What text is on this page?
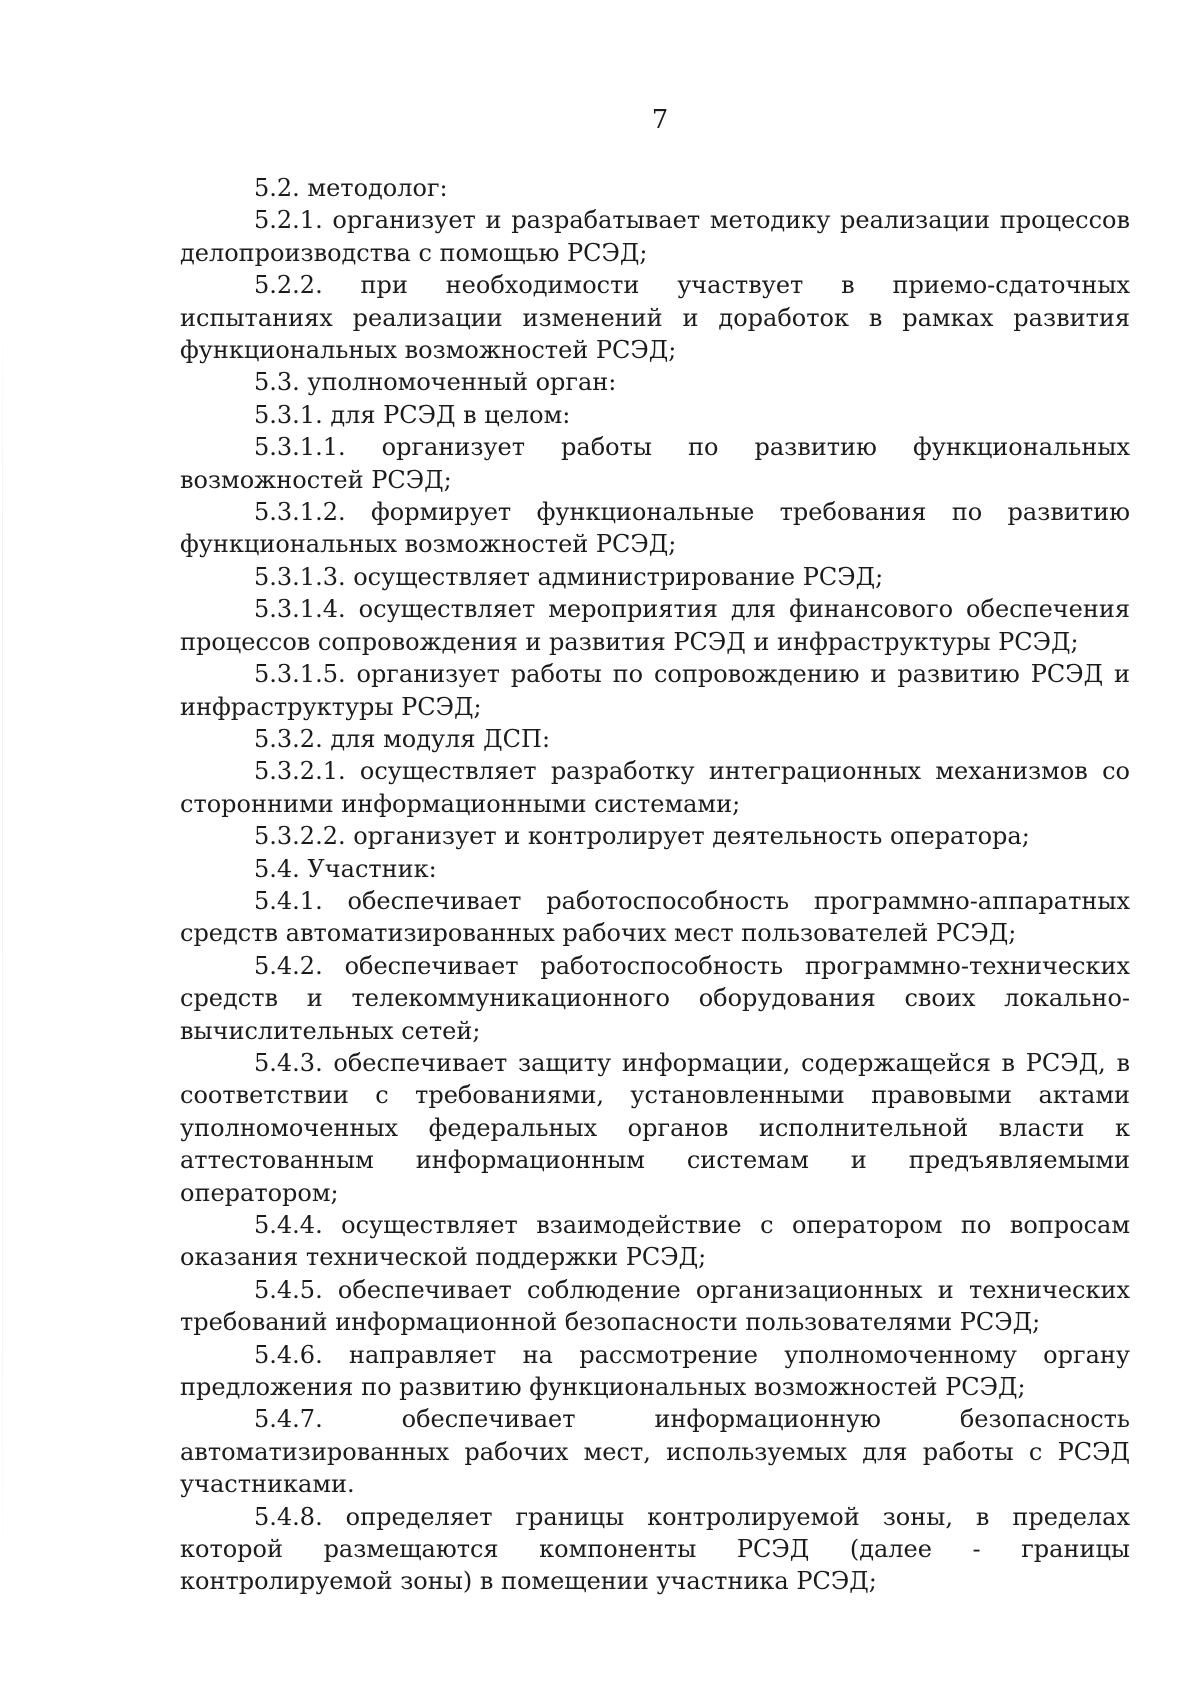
7

5.2. методолог:

5.2.1. организует и разрабатывает методику реализации процессов делопроизводства с помощью РСЭД;

5.2.2. при необходимости участвует в приемо-сдаточных испытаниях реализации изменений и доработок в рамках развития функциональных возможностей РСЭД;

5.3. уполномоченный орган:

5.3.1. для РСЭД в целом:

5.3.1.1. организует работы по развитию функциональных возможностей РСЭД;

5.3.1.2. формирует функциональные требования по развитию функциональных возможностей РСЭД;

5.3.1.3. осуществляет администрирование РСЭД;

5.3.1.4. осуществляет мероприятия для финансового обеспечения процессов сопровождения и развития РСЭД и инфраструктуры РСЭД;

5.3.1.5. организует работы по сопровождению и развитию РСЭД и инфраструктуры РСЭД;

5.3.2. для модуля ДСП:

5.3.2.1. осуществляет разработку интеграционных механизмов со сторонними информационными системами;

5.3.2.2. организует и контролирует деятельность оператора;

5.4. Участник:

5.4.1. обеспечивает работоспособность программно-аппаратных средств автоматизированных рабочих мест пользователей РСЭД;

5.4.2. обеспечивает работоспособность программно-технических средств и телекоммуникационного оборудования своих локально-вычислительных сетей;

5.4.3. обеспечивает защиту информации, содержащейся в РСЭД, в соответствии с требованиями, установленными правовыми актами уполномоченных федеральных органов исполнительной власти к аттестованным информационным системам и предъявляемыми оператором;

5.4.4. осуществляет взаимодействие с оператором по вопросам оказания технической поддержки РСЭД;

5.4.5. обеспечивает соблюдение организационных и технических требований информационной безопасности пользователями РСЭД;

5.4.6. направляет на рассмотрение уполномоченному органу предложения по развитию функциональных возможностей РСЭД;

5.4.7. обеспечивает информационную безопасность автоматизированных рабочих мест, используемых для работы с РСЭД участниками.

5.4.8. определяет границы контролируемой зоны, в пределах которой размещаются компоненты РСЭД (далее - границы контролируемой зоны) в помещении участника РСЭД;
